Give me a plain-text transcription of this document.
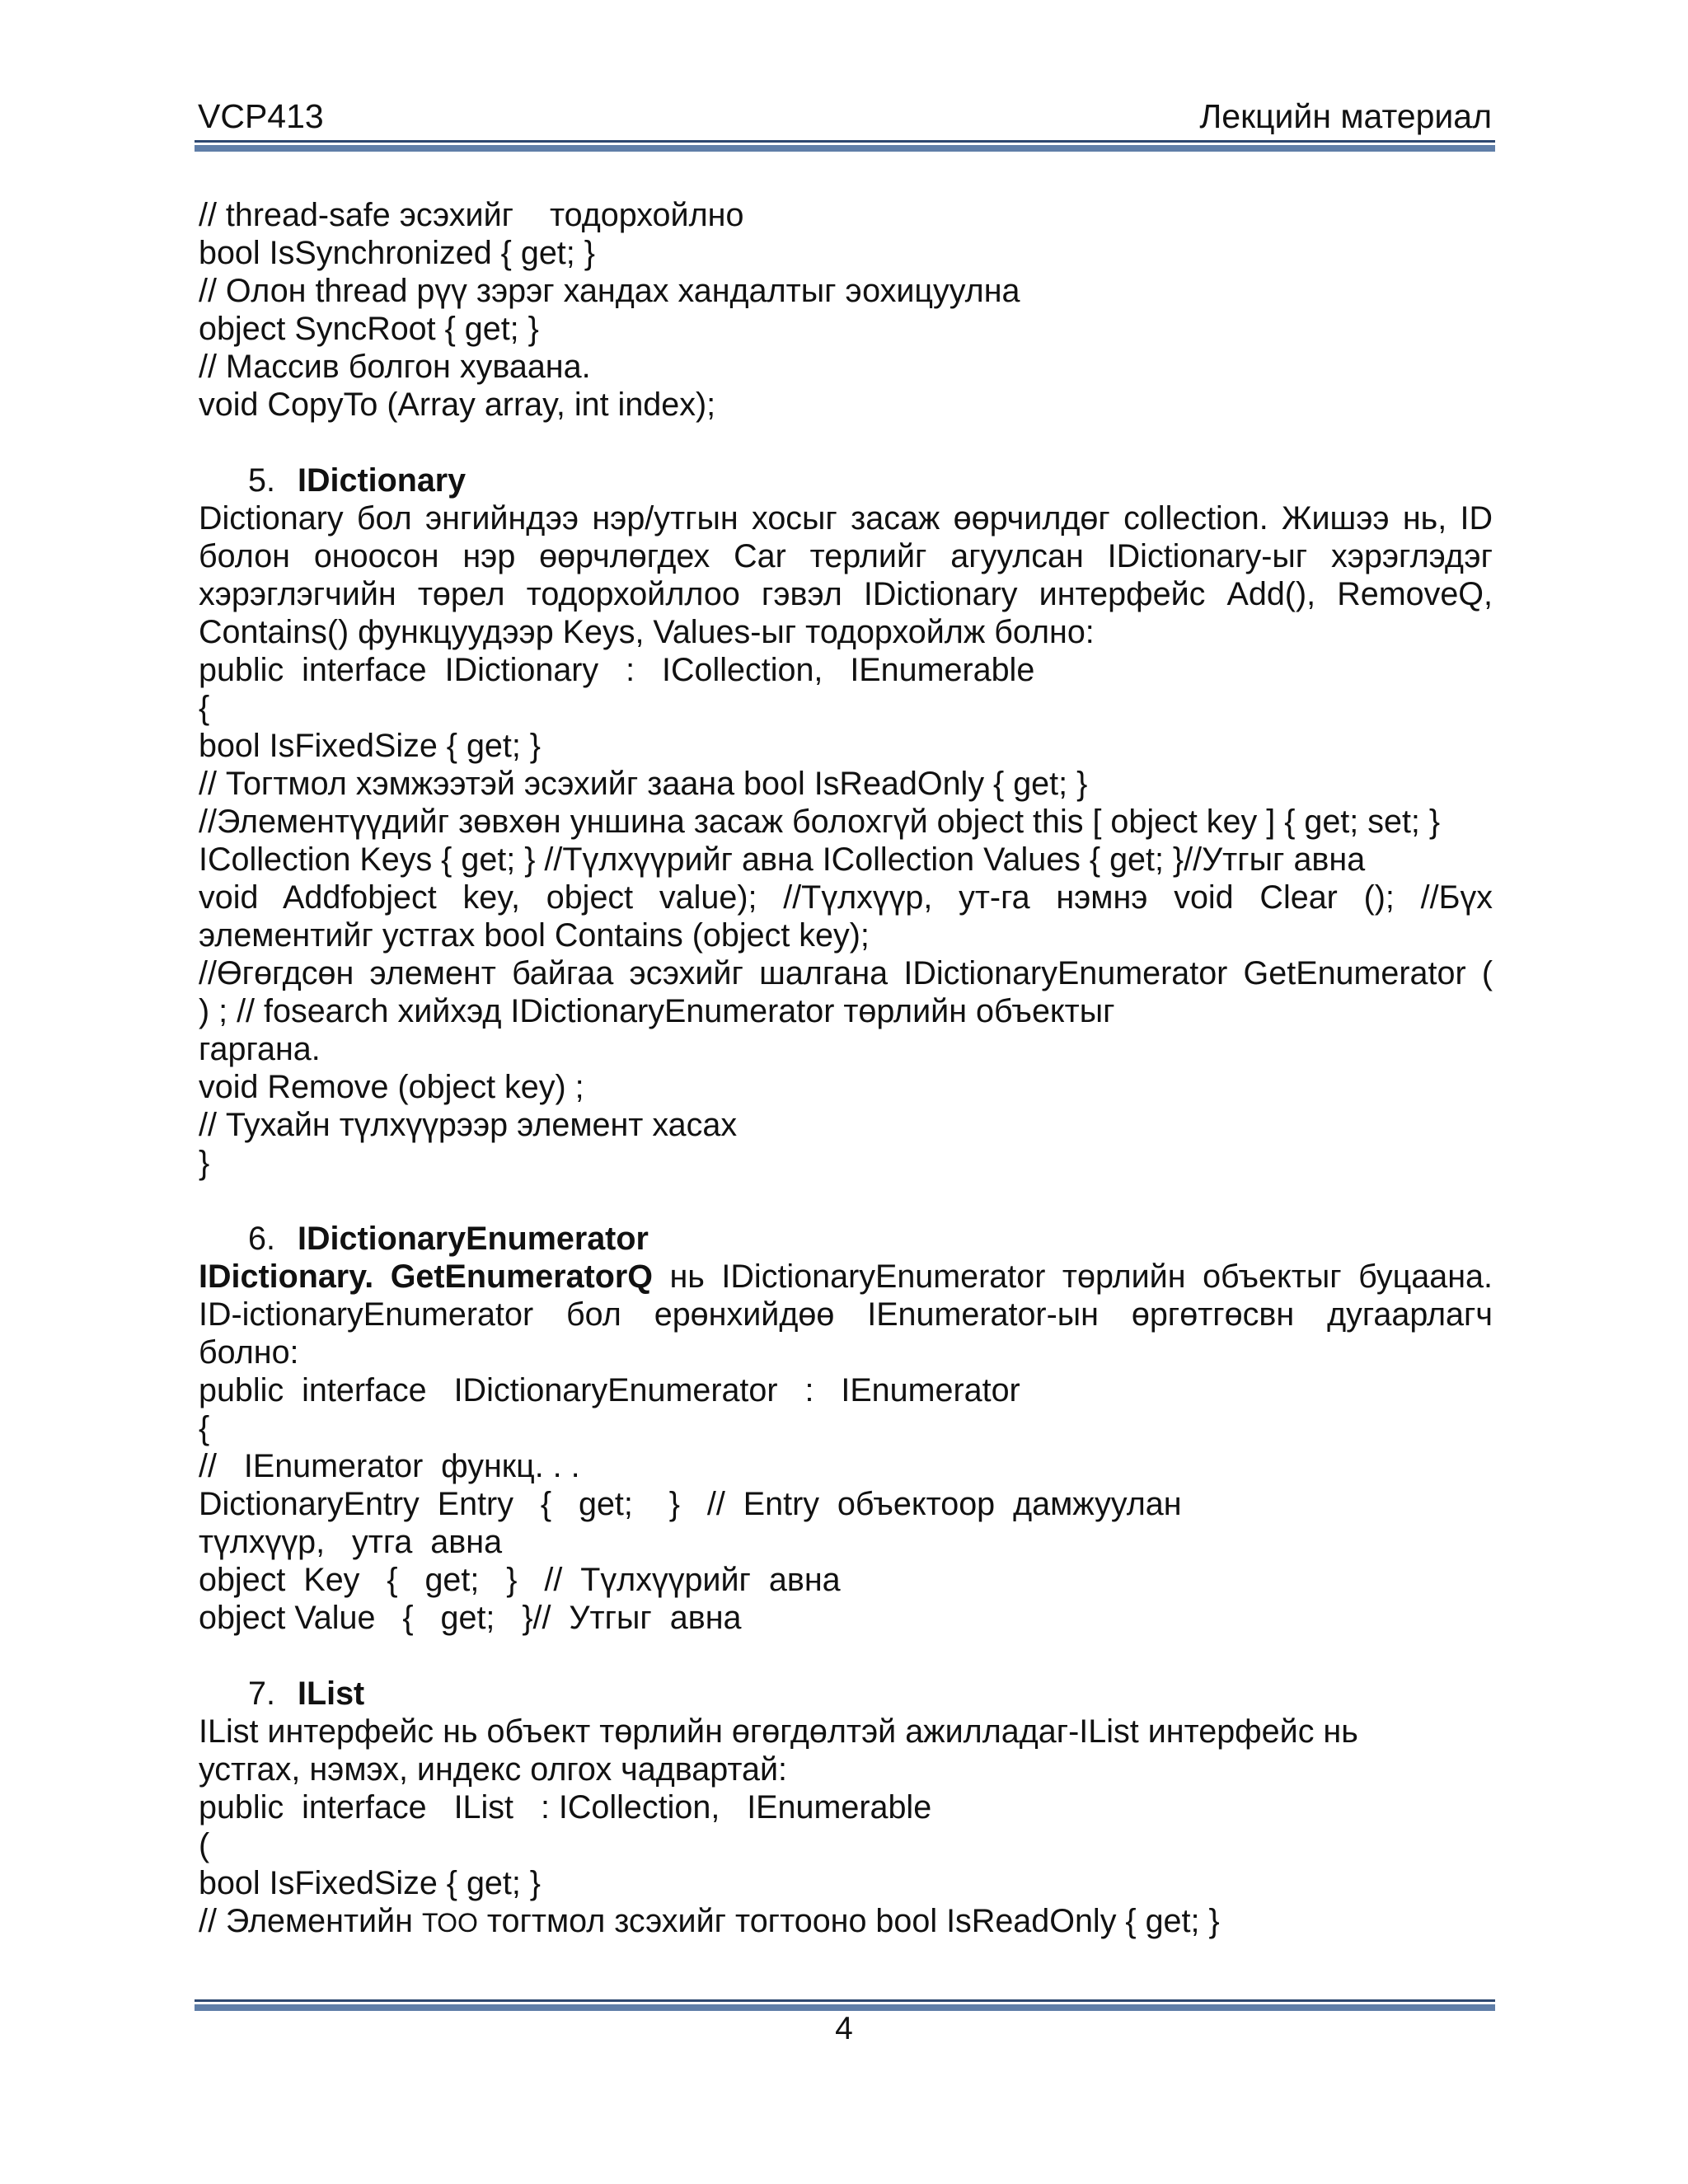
VCP413	Лекцийн материал
// thread-safe эсэхийг    тодорхойлно
bool IsSynchronized { get; }
// Олон thread рүү зэрэг хандах хандалтыг эохицуулна
object SyncRoot { get; }
// Массив болгон хуваана.
void CopyTo (Array array, int index);
5. IDictionary
Dictionary бол энгийндээ нэр/утгын хосыг засаж өөрчилдөг collection. Жишээ нь, ID
болон оноосон нэр өөрчлөгдех Car терлийг агуулсан IDictionary-ыг хэрэглэдэг
хэрэглэгчийн төрел тодорхойллоо гэвэл IDictionary интерфейс Add(), RemoveQ,
Contains() функцуудээр Keys, Values-ыг тодорхойлж болно:
public  interface  IDictionary   :   ICollection,   IEnumerable
{
bool IsFixedSize { get; }
// Тогтмол хэмжээтэй эсэхийг заана bool IsReadOnly { get; }
//Элементүүдийг зөвхөн уншина засаж болохгүй object this [ object key ] { get; set; }
ICollection Keys { get; } //Түлхүүрийг авна ICollection Values { get; }//Утгыг авна
void Addfobject key, object value); //Түлхүүр, ут-га нэмнэ void Clear (); //Бүх
элементийг устгах bool Contains (object key);
//Өгөгдсөн элемент байгаа эсэхийг шалгана IDictionaryEnumerator GetEnumerator (
) ; // fosearch хийхэд IDictionaryEnumerator төрлийн объектыг
гаргана.
void Remove (object key) ;
// Тухайн түлхүүрээр элемент хасах
}
6. IDictionaryEnumerator
IDictionary. GetEnumeratorQ нь IDictionaryEnumerator төрлийн объектыг буцаана.
ID-ictionaryEnumerator бол ерөнхийдөө IEnumerator-ын өргөтгөсвн дугаарлагч
болно:
public  interface   IDictionaryEnumerator   :   IEnumerator
{
//   IEnumerator  функц. . .
DictionaryEntry  Entry   {   get;    }   //  Entry  объектоор  дамжуулан
түлхүүр,   утга  авна
object  Key   {   get;   }   //  Түлхүүрийг  авна
object Value   {   get;   }//  Утгыг  авна
7. IList
IList интерфейс нь объект төрлийн өгөгдөлтэй ажилладаг-IList интерфейс нь
устгах, нэмэх, индекс олгох чадвартай:
public  interface   IList   : ICollection,   IEnumerable
(
bool IsFixedSize { get; }
// Элементийн ТОО тогтмол зсэхийг тогтооно bool IsReadOnly { get; }
4
